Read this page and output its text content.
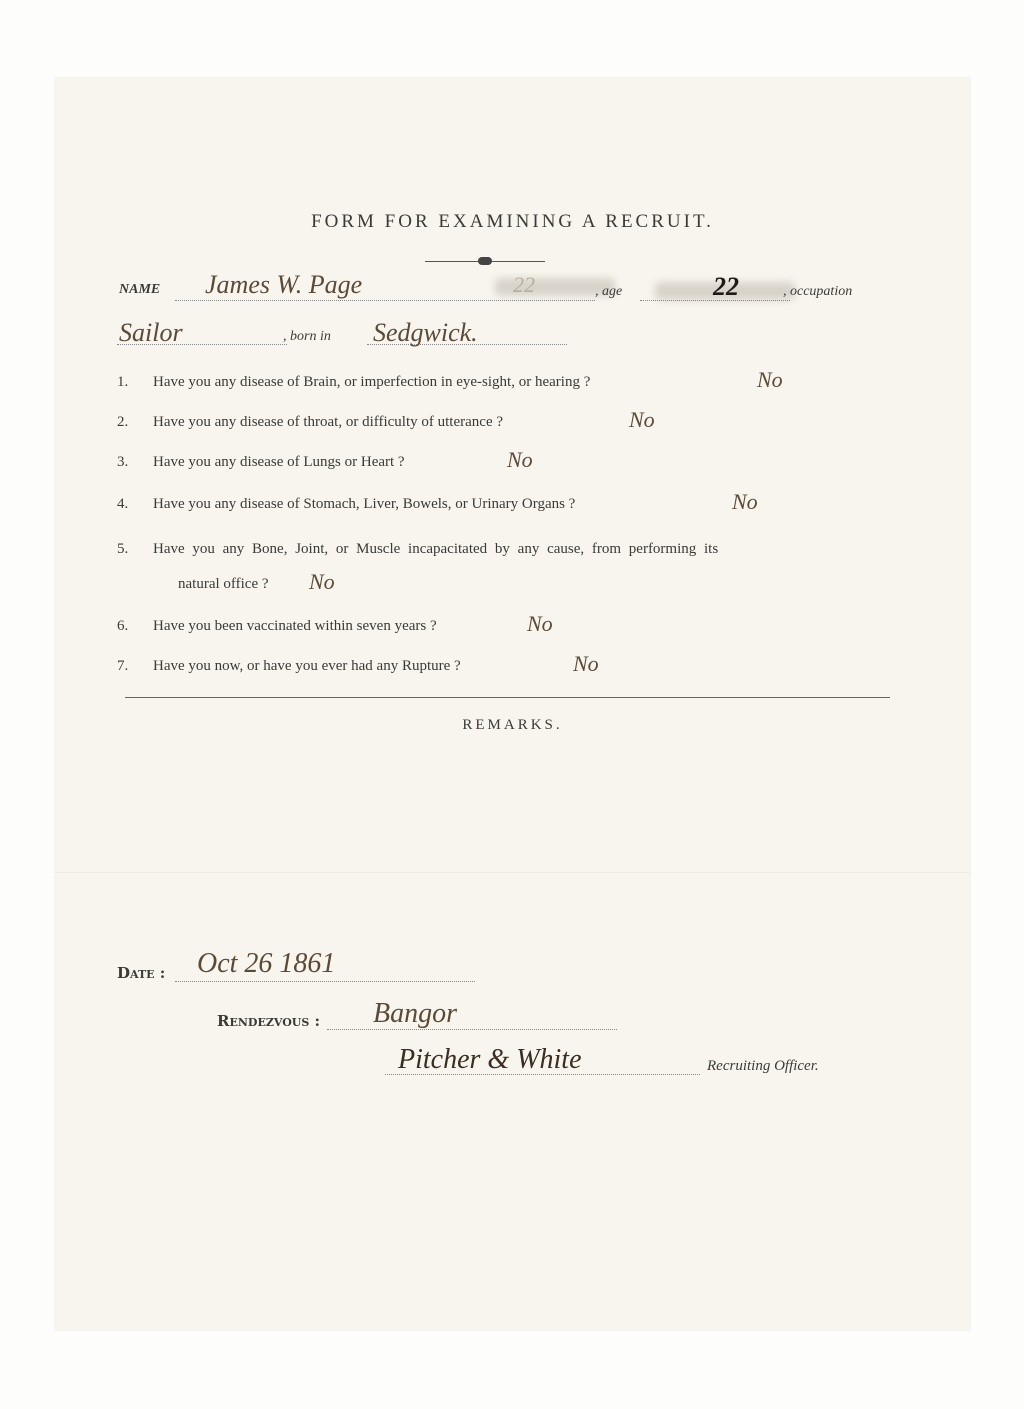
FORM FOR EXAMINING A RECRUIT.
NAME James W. Page	22	, age	22	, occupation
Sailor	, born in Sedgwick.
1. Have you any disease of Brain, or imperfection in eye-sight, or hearing ?	No
2. Have you any disease of throat, or difficulty of utterance ?	No
3. Have you any disease of Lungs or Heart ?	No
4. Have you any disease of Stomach, Liver, Bowels, or Urinary Organs ?	No
5. Have you any Bone, Joint, or Muscle incapacitated by any cause, from performing its
natural office ? No
6. Have you been vaccinated within seven years ?	No
7. Have you now, or have you ever had any Rupture ?	No
REMARKS.
Date : Oct 26 1861
Rendezvous : Bangor
Pitcher & White	Recruiting Officer.
